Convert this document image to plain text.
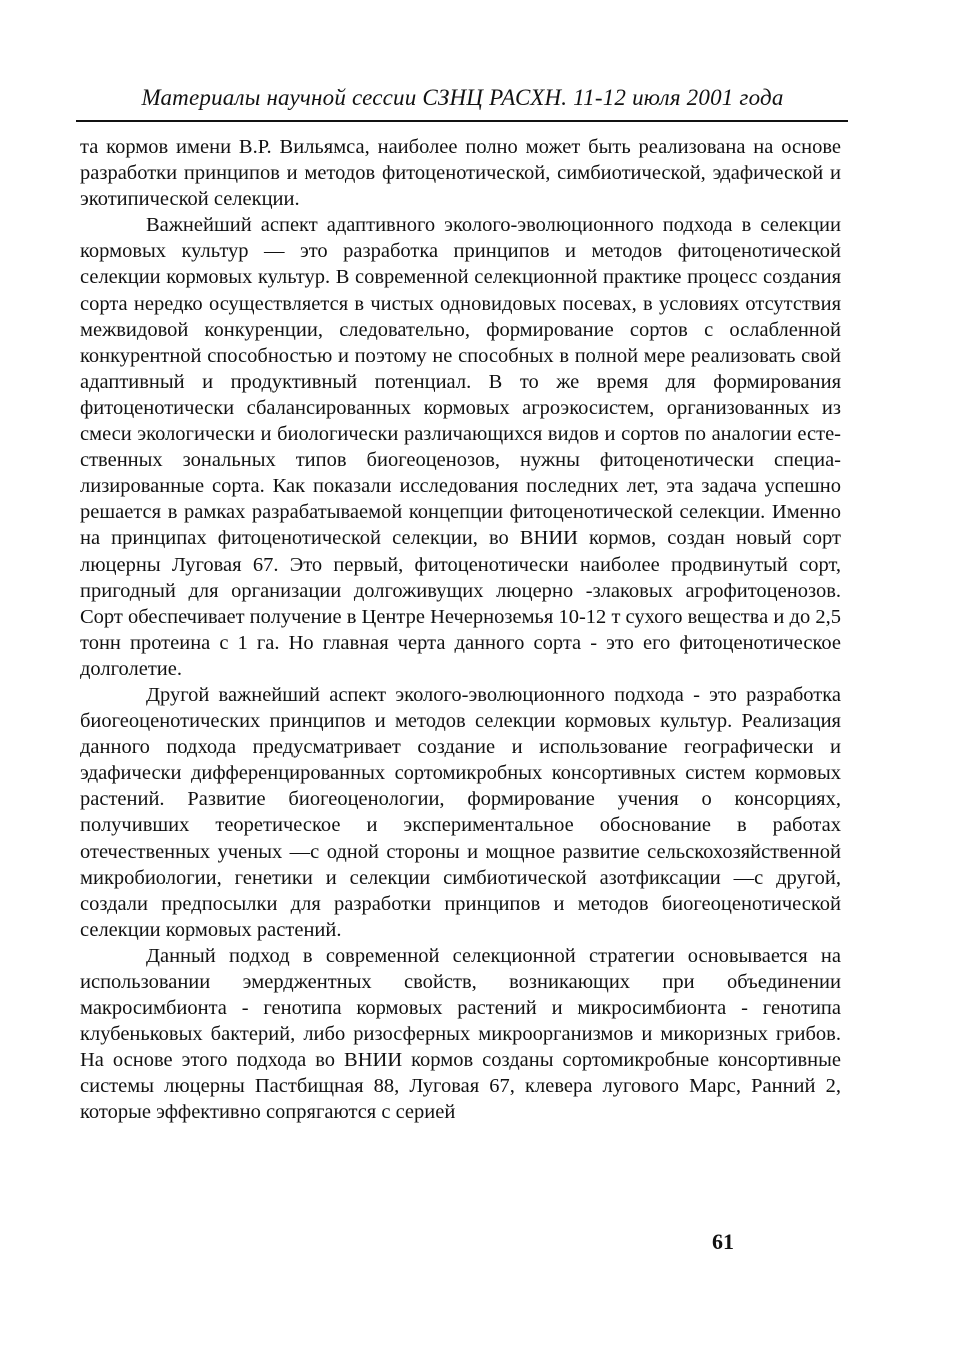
Материалы научной сессии СЗНЦ РАСХН. 11-12 июля 2001 года

та кормов имени В.Р. Вильямса, наиболее полно может быть реализована на основе разработки принципов и методов фитоценотической, симбиотической, эдафической и экотипической селекции.

Важнейший аспект адаптивного эколого-эволюционного подхода в селекции кормовых культур — это разработка принципов и методов фитоценотической селекции кормовых культур. В современной селекционной практике процесс создания сорта нередко осуществляется в чистых одновидовых посевах, в условиях отсутствия межвидовой конкуренции, следовательно, формирование сортов с ослабленной конкурентной способностью и поэтому не способных в полной мере реализовать свой адаптивный и продуктивный потенциал. В то же время для формирования фитоценотически сбалансированных кормовых агроэкосистем, организованных из смеси экологически и биологически различающихся видов и сортов по аналогии естественных зональных типов биогеоценозов, нужны фитоценотически специализированные сорта. Как показали исследования последних лет, эта задача успешно решается в рамках разрабатываемой концепции фитоценотической селекции. Именно на принципах фитоценотической селекции, во ВНИИ кормов, создан новый сорт люцерны Луговая 67. Это первый, фитоценотически наиболее продвинутый сорт, пригодный для организации долгоживущих люцерно -злаковых агрофитоценозов. Сорт обеспечивает получение в Центре Нечерноземья 10-12 т сухого вещества и до 2,5 тонн протеина с 1 га. Но главная черта данного сорта - это его фитоценотическое долголетие.

Другой важнейший аспект эколого-эволюционного подхода - это разработка биогеоценотических принципов и методов селекции кормовых культур. Реализация данного подхода предусматривает создание и использование географически и эдафически дифференцированных сортомикробных консортивных систем кормовых растений. Развитие биогеоценологии, формирование учения о консорциях, получивших теоретическое и экспериментальное обоснование в работах отечественных ученых —с одной стороны и мощное развитие сельскохозяйственной микробиологии, генетики и селекции симбиотической азотфиксации —с другой, создали предпосылки для разработки принципов и методов биогеоценотической селекции кормовых растений.

Данный подход в современной селекционной стратегии основывается на использовании эмерджентных свойств, возникающих при объединении макросимбионта - генотипа кормовых растений и микросимбионта - генотипа клубеньковых бактерий, либо ризосферных микроорганизмов и микоризных грибов. На основе этого подхода во ВНИИ кормов созданы сортомикробные консортивные системы люцерны Пастбищная 88, Луговая 67, клевера лугового Марс, Ранний 2, которые эффективно сопрягаются с серией

61
